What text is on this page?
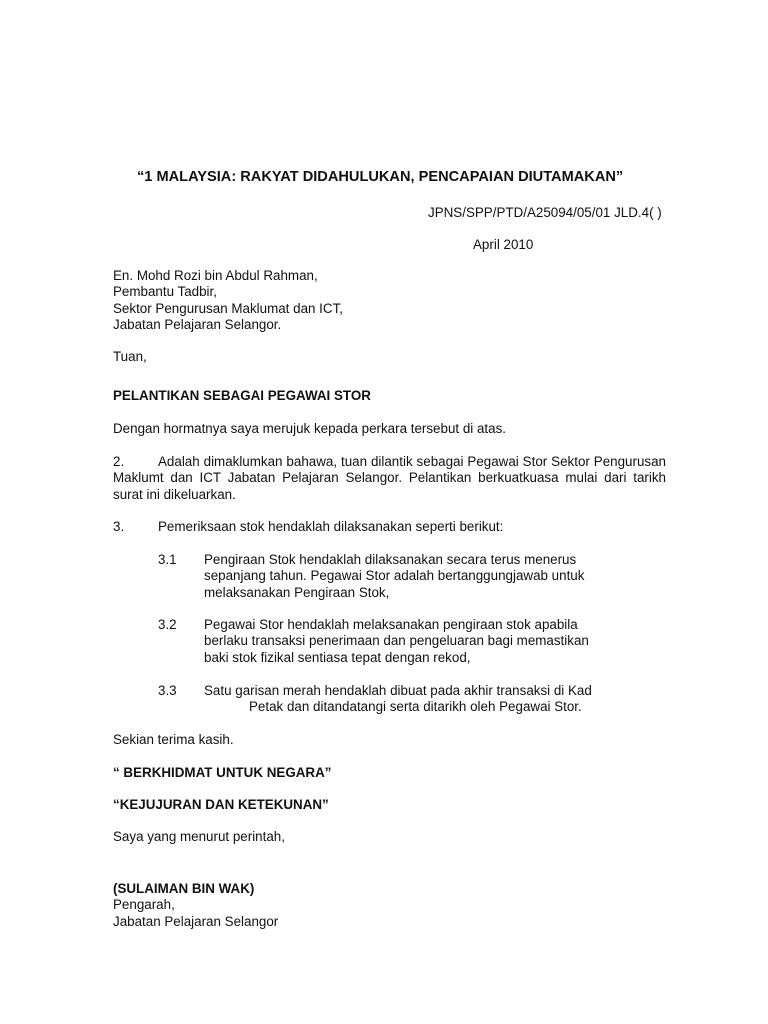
“1 MALAYSIA: RAKYAT DIDAHULUKAN, PENCAPAIAN DIUTAMAKAN”
JPNS/SPP/PTD/A25094/05/01 JLD.4( )
April 2010
En. Mohd Rozi bin Abdul Rahman,
Pembantu Tadbir,
Sektor Pengurusan Maklumat dan ICT,
Jabatan Pelajaran Selangor.
Tuan,
PELANTIKAN SEBAGAI PEGAWAI STOR
Dengan hormatnya saya merujuk kepada perkara tersebut di atas.
2.	Adalah dimaklumkan bahawa, tuan dilantik sebagai Pegawai Stor Sektor Pengurusan Maklumt dan ICT Jabatan Pelajaran Selangor. Pelantikan berkuatkuasa mulai dari tarikh surat ini dikeluarkan.
3.	Pemeriksaan stok hendaklah dilaksanakan seperti berikut:
3.1 Pengiraan Stok hendaklah dilaksanakan secara terus menerus
sepanjang tahun. Pegawai Stor adalah bertanggungjawab untuk
melaksanakan Pengiraan Stok,
3.2 Pegawai Stor hendaklah melaksanakan pengiraan stok apabila
berlaku transaksi penerimaan dan pengeluaran bagi memastikan
baki stok fizikal sentiasa tepat dengan rekod,
3.3 Satu garisan merah hendaklah dibuat pada akhir transaksi di Kad
Petak dan ditandatangi serta ditarikh oleh Pegawai Stor.
Sekian terima kasih.
“ BERKHIDMAT UNTUK NEGARA”
“KEJUJURAN DAN KETEKUNAN”
Saya yang menurut perintah,
(SULAIMAN BIN WAK)
Pengarah,
Jabatan Pelajaran Selangor
